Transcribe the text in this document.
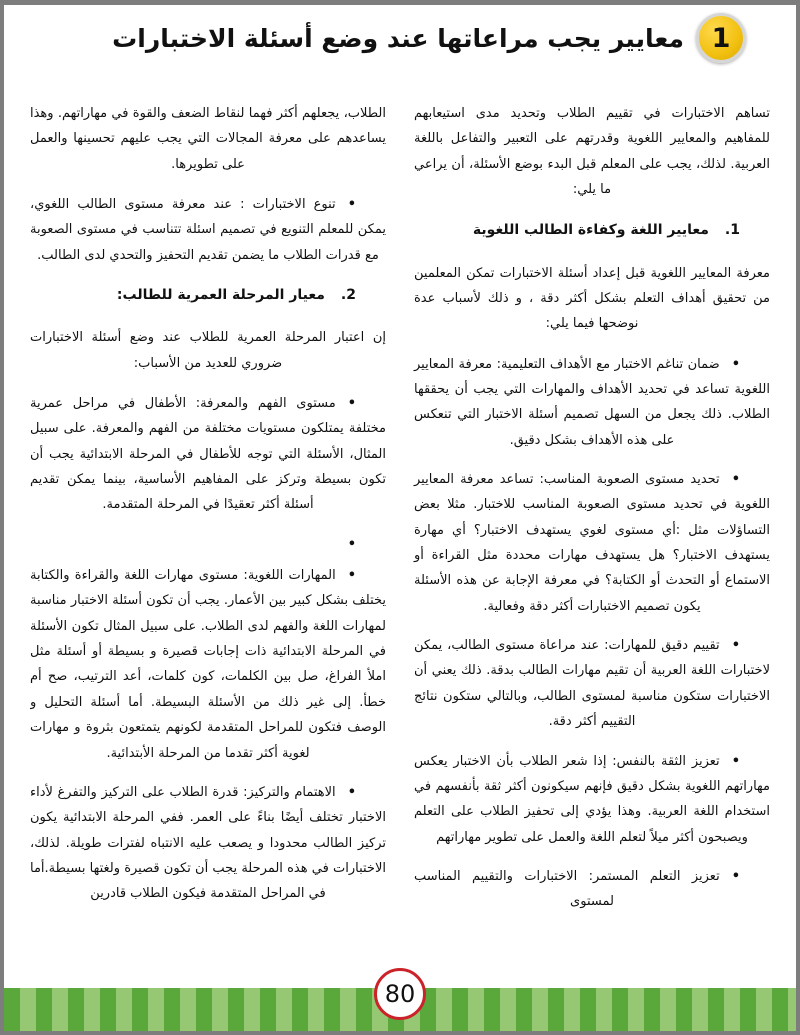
1
معايير يجب مراعاتها عند وضع أسئلة الاختبارات

تساهم الاختبارات في تقييم الطلاب وتحديد مدى استيعابهم للمفاهيم والمعايير اللغوية وقدرتهم على التعبير والتفاعل باللغة العربية. لذلك، يجب على المعلم قبل البدء بوضع الأسئلة، أن يراعي ما يلي:

1.معايير اللغة وكفاءة الطالب اللغوية

معرفة المعايير اللغوية قبل إعداد أسئلة الاختبارات تمكن المعلمين من تحقيق أهداف التعلم بشكل أكثر دقة ، و ذلك لأسباب عدة نوضحها فيما يلي:

•ضمان تناغم الاختبار مع الأهداف التعليمية: معرفة المعايير اللغوية تساعد في تحديد الأهداف والمهارات التي يجب أن يحققها الطلاب. ذلك يجعل من السهل تصميم أسئلة الاختبار التي تنعكس على هذه الأهداف بشكل دقيق.
•تحديد مستوى الصعوبة المناسب: تساعد معرفة المعايير اللغوية في تحديد مستوى الصعوبة المناسب للاختبار. مثلا بعض التساؤلات مثل :أي مستوى لغوي يستهدف الاختبار؟ أي مهارة يستهدف الاختبار؟ هل يستهدف مهارات محددة مثل القراءة أو الاستماع أو التحدث أو الكتابة؟ في معرفة الإجابة عن هذه الأسئلة يكون تصميم الاختبارات أكثر دقة وفعالية.
•تقييم دقيق للمهارات: عند مراعاة مستوى الطالب، يمكن لاختبارات اللغة العربية أن تقيم مهارات الطالب بدقة. ذلك يعني أن الاختبارات ستكون مناسبة لمستوى الطالب، وبالتالي ستكون نتائج التقييم أكثر دقة.
•تعزيز الثقة بالنفس: إذا شعر الطلاب بأن الاختبار يعكس مهاراتهم اللغوية بشكل دقيق فإنهم سيكونون أكثر ثقة بأنفسهم في استخدام اللغة العربية. وهذا يؤدي إلى تحفيز الطلاب على التعلم ويصبحون أكثر ميلاً لتعلم اللغة والعمل على تطوير مهاراتهم
•تعزيز التعلم المستمر: الاختبارات والتقييم المناسب لمستوى

الطلاب، يجعلهم أكثر فهما لنقاط الضعف والقوة في مهاراتهم. وهذا يساعدهم على معرفة المجالات التي يجب عليهم تحسينها والعمل على تطويرها.

•تنوع الاختبارات : عند معرفة مستوى الطالب اللغوي، يمكن للمعلم التنويع في تصميم اسئلة تتناسب في مستوى الصعوبة مع قدرات الطلاب ما يضمن تقديم التحفيز والتحدي لدى الطالب.
2.معيار المرحلة العمرية للطالب:

إن اعتبار المرحلة العمرية للطلاب عند وضع أسئلة الاختبارات ضروري للعديد من الأسباب:

•مستوى الفهم والمعرفة: الأطفال في مراحل عمرية مختلفة يمتلكون مستويات مختلفة من الفهم والمعرفة. على سبيل المثال، الأسئلة التي توجه للأطفال في المرحلة الابتدائية يجب أن تكون بسيطة وتركز على المفاهيم الأساسية، بينما يمكن تقديم أسئلة أكثر تعقيدًا في المرحلة المتقدمة.
•
•المهارات اللغوية: مستوى مهارات اللغة والقراءة والكتابة يختلف بشكل كبير بين الأعمار. يجب أن تكون أسئلة الاختبار مناسبة لمهارات اللغة والفهم لدى الطلاب. على سبيل المثال تكون الأسئلة في المرحلة الابتدائية ذات إجابات قصيرة و بسيطة أو أسئلة مثل املأ الفراغ، صل بين الكلمات، كون كلمات، أعد الترتيب، صح أم خطأ. إلى غير ذلك من الأسئلة البسيطة. أما أسئلة التحليل و الوصف فتكون للمراحل المتقدمة لكونهم يتمتعون بثروة و مهارات لغوية أكثر تقدما من المرحلة الأبتدائية.
•الاهتمام والتركيز: قدرة الطلاب على التركيز والتفرغ لأداء الاختبار تختلف أيضًا بناءً على العمر. ففي المرحلة الابتدائية يكون تركيز الطالب محدودا و يصعب عليه الانتباه لفترات طويلة. لذلك، الاختبارات في هذه المرحلة يجب أن تكون قصيرة ولغتها بسيطة.أما في المراحل المتقدمة فيكون الطلاب قادرين
80
